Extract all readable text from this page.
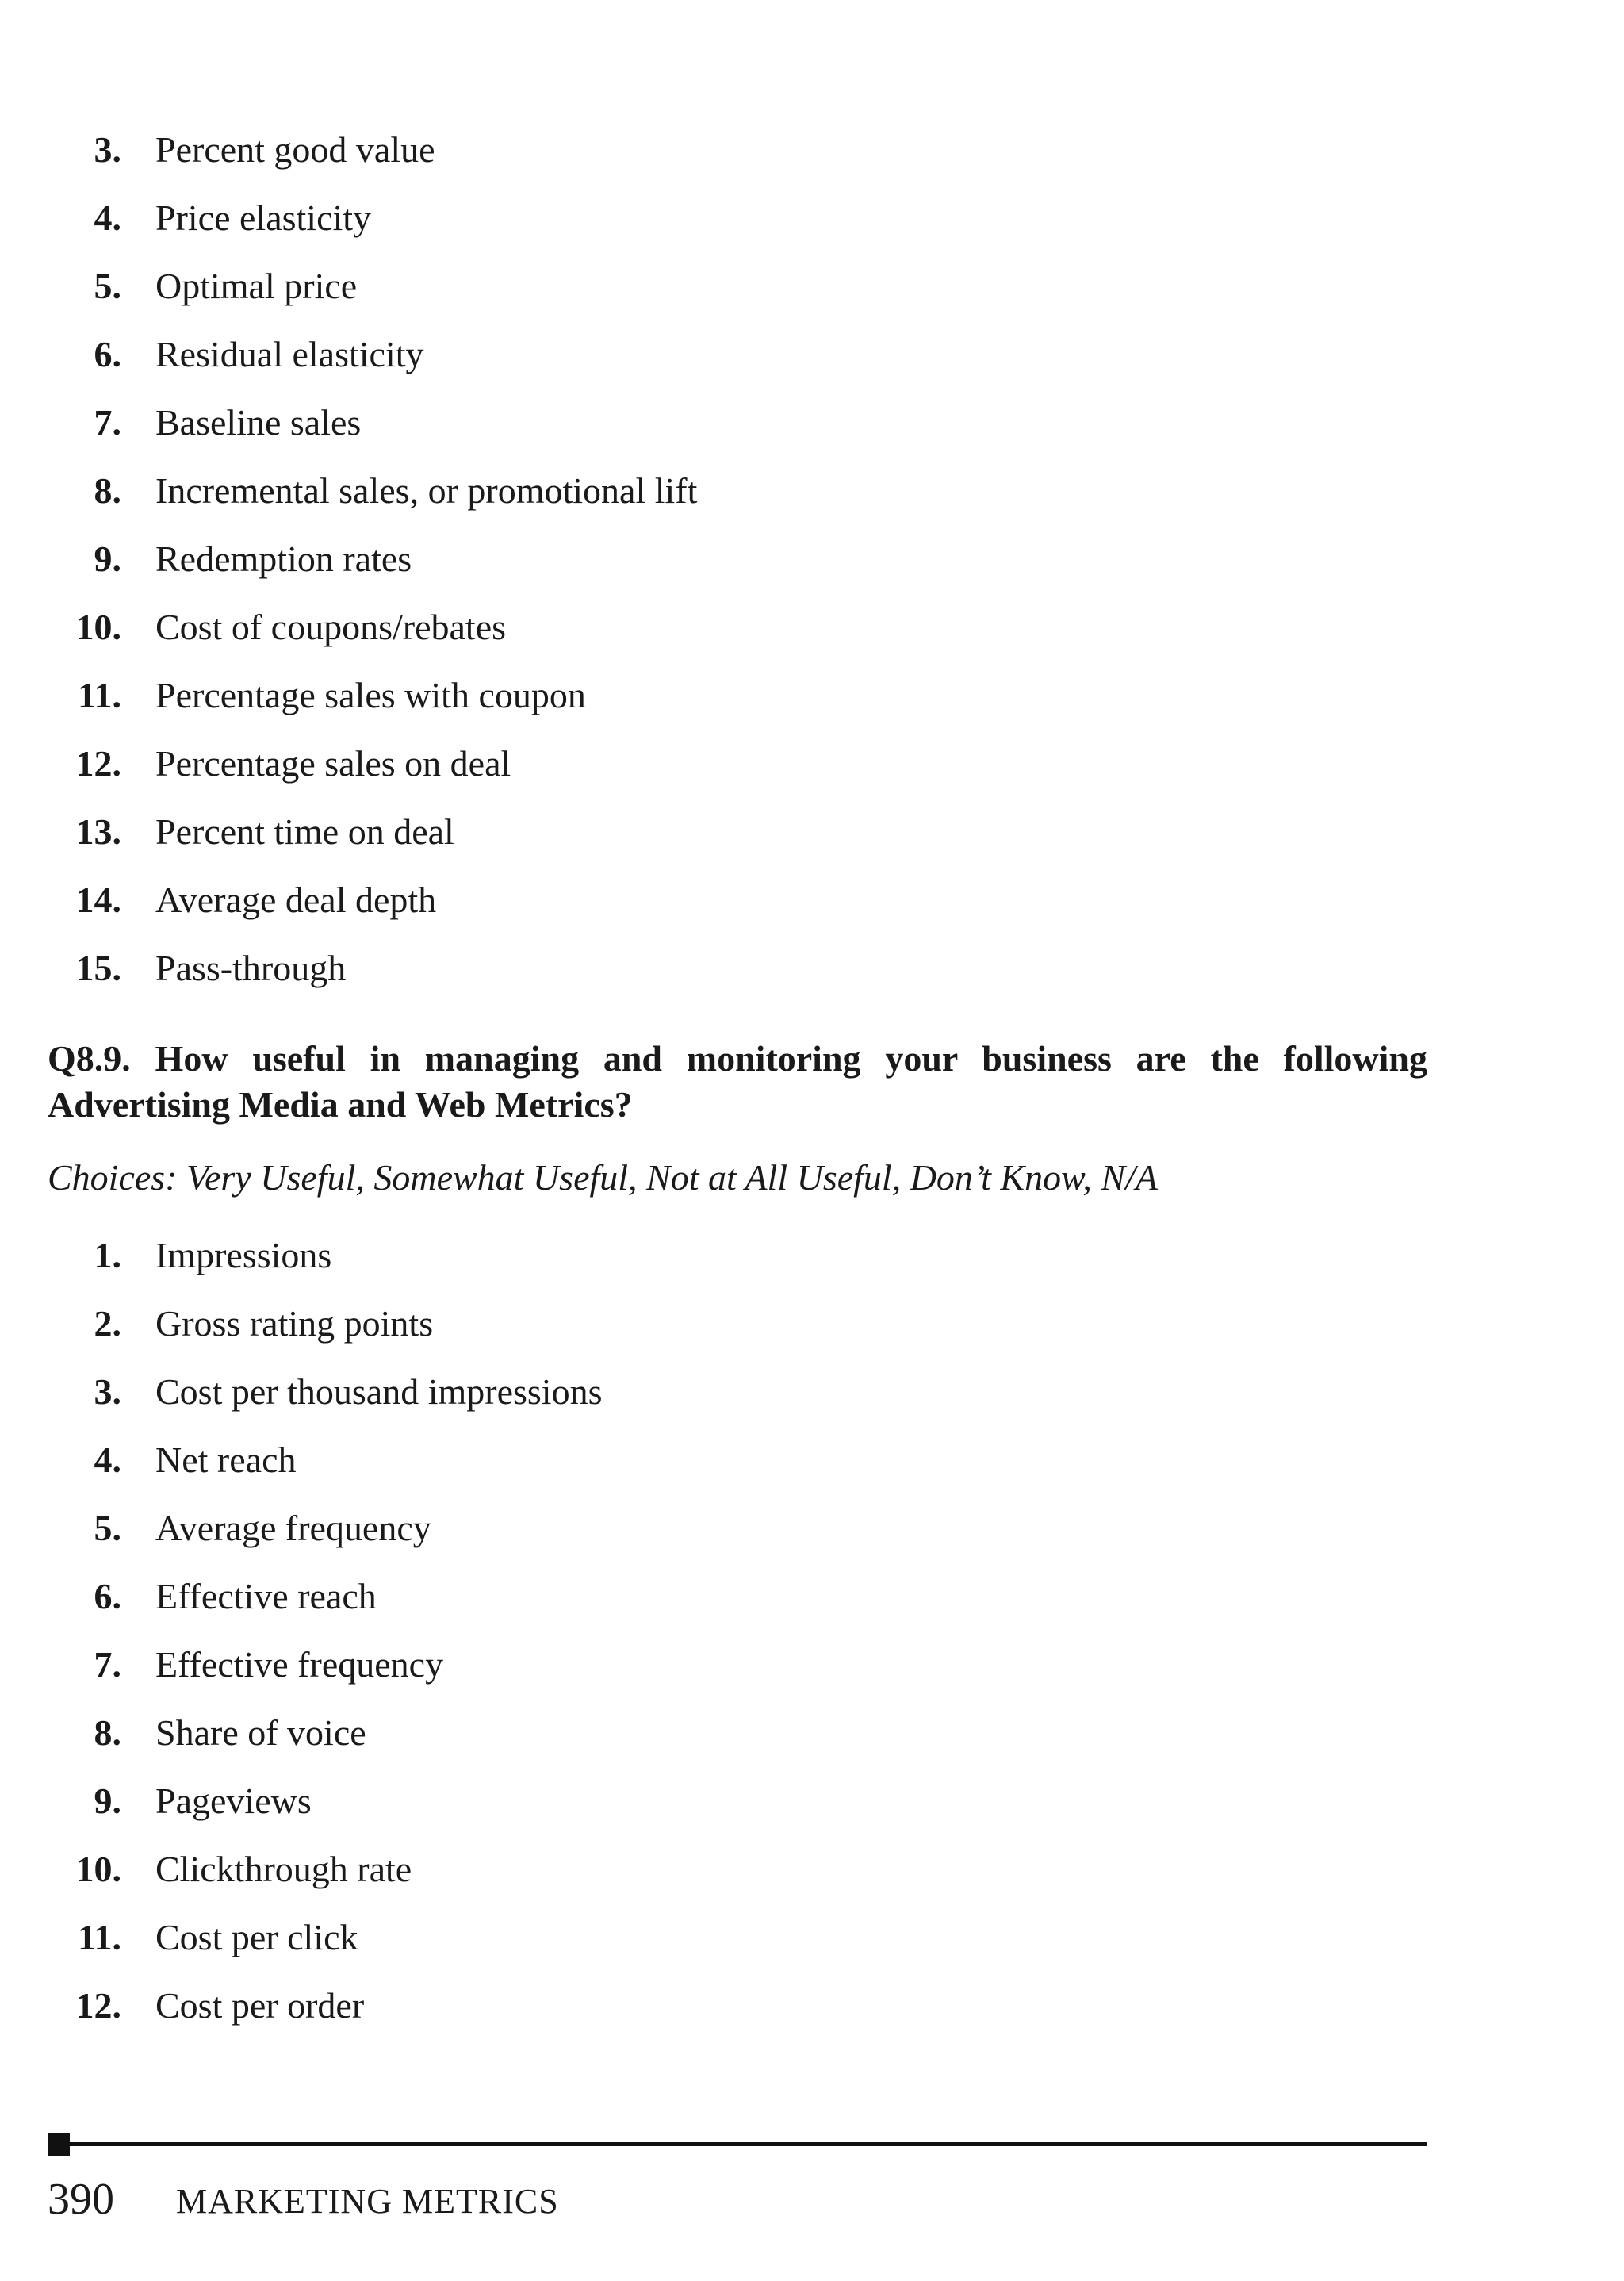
3. Percent good value
4. Price elasticity
5. Optimal price
6. Residual elasticity
7. Baseline sales
8. Incremental sales, or promotional lift
9. Redemption rates
10. Cost of coupons/rebates
11. Percentage sales with coupon
12. Percentage sales on deal
13. Percent time on deal
14. Average deal depth
15. Pass-through

Q8.9. How useful in managing and monitoring your business are the following Advertising Media and Web Metrics?

Choices: Very Useful, Somewhat Useful, Not at All Useful, Don’t Know, N/A

1. Impressions
2. Gross rating points
3. Cost per thousand impressions
4. Net reach
5. Average frequency
6. Effective reach
7. Effective frequency
8. Share of voice
9. Pageviews
10. Clickthrough rate
11. Cost per click
12. Cost per order
390 MARKETING METRICS
